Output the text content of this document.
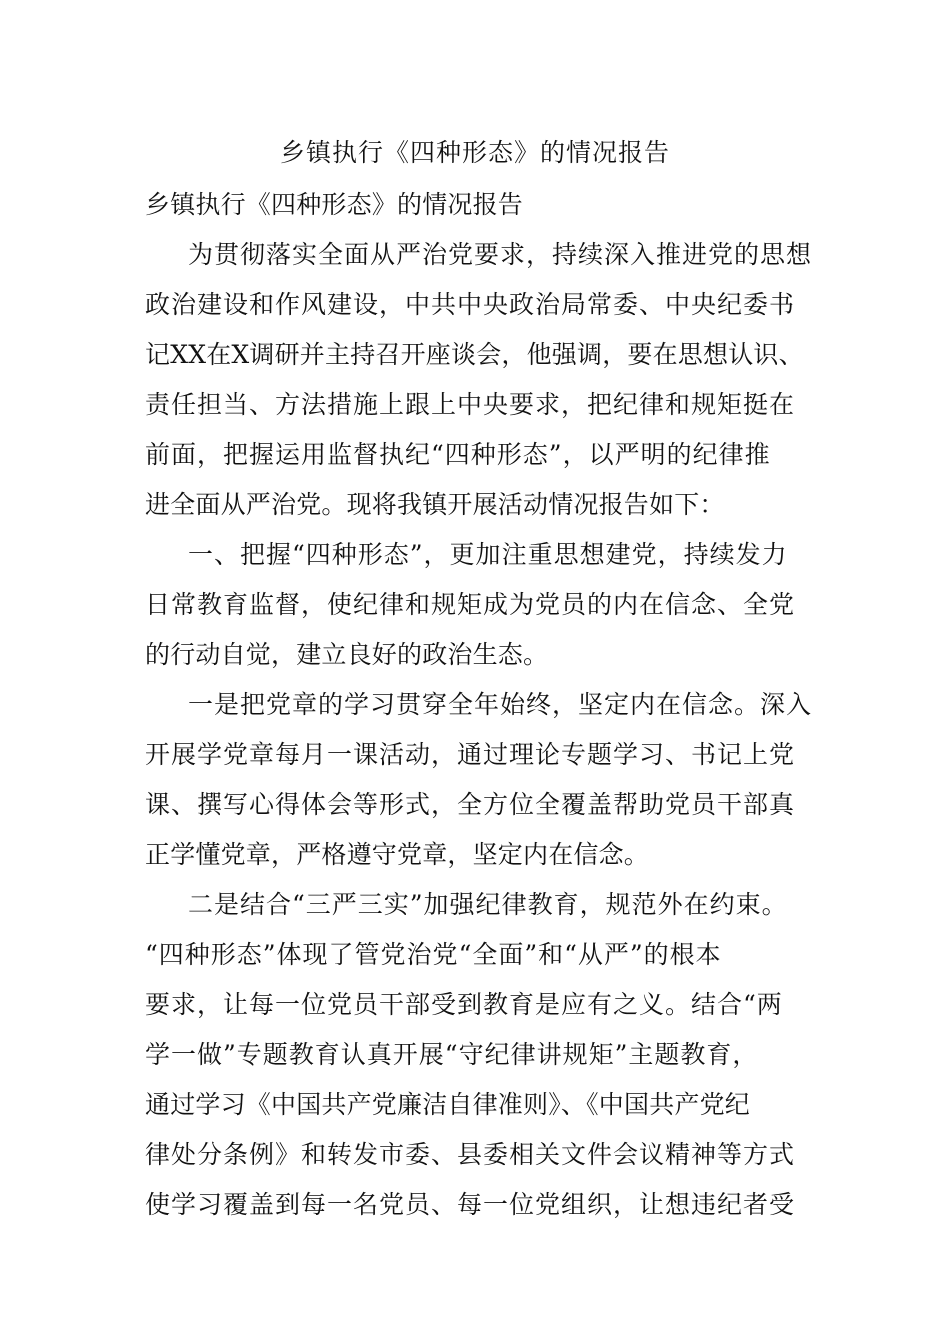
乡镇执行《四种形态》的情况报告
乡镇执行《四种形态》的情况报告
为贯彻落实全面从严治党要求，持续深入推进党的思想
政治建设和作风建设，中共中央政治局常委、中央纪委书
记XX在X调研并主持召开座谈会，他强调，要在思想认识、
责任担当、方法措施上跟上中央要求，把纪律和规矩挺在
前面，把握运用监督执纪“四种形态”，以严明的纪律推
进全面从严治党。现将我镇开展活动情况报告如下：
一、把握“四种形态”，更加注重思想建党，持续发力
日常教育监督，使纪律和规矩成为党员的内在信念、全党
的行动自觉，建立良好的政治生态。
一是把党章的学习贯穿全年始终，坚定内在信念。深入
开展学党章每月一课活动，通过理论专题学习、书记上党
课、撰写心得体会等形式，全方位全覆盖帮助党员干部真
正学懂党章，严格遵守党章，坚定内在信念。
二是结合“三严三实”加强纪律教育，规范外在约束。
“四种形态”体现了管党治党“全面”和“从严”的根本
要求，让每一位党员干部受到教育是应有之义。结合“两
学一做”专题教育认真开展“守纪律讲规矩”主题教育，
通过学习《中国共产党廉洁自律准则》、《中国共产党纪
律处分条例》和转发市委、县委相关文件会议精神等方式
使学习覆盖到每一名党员、每一位党组织，让想违纪者受
